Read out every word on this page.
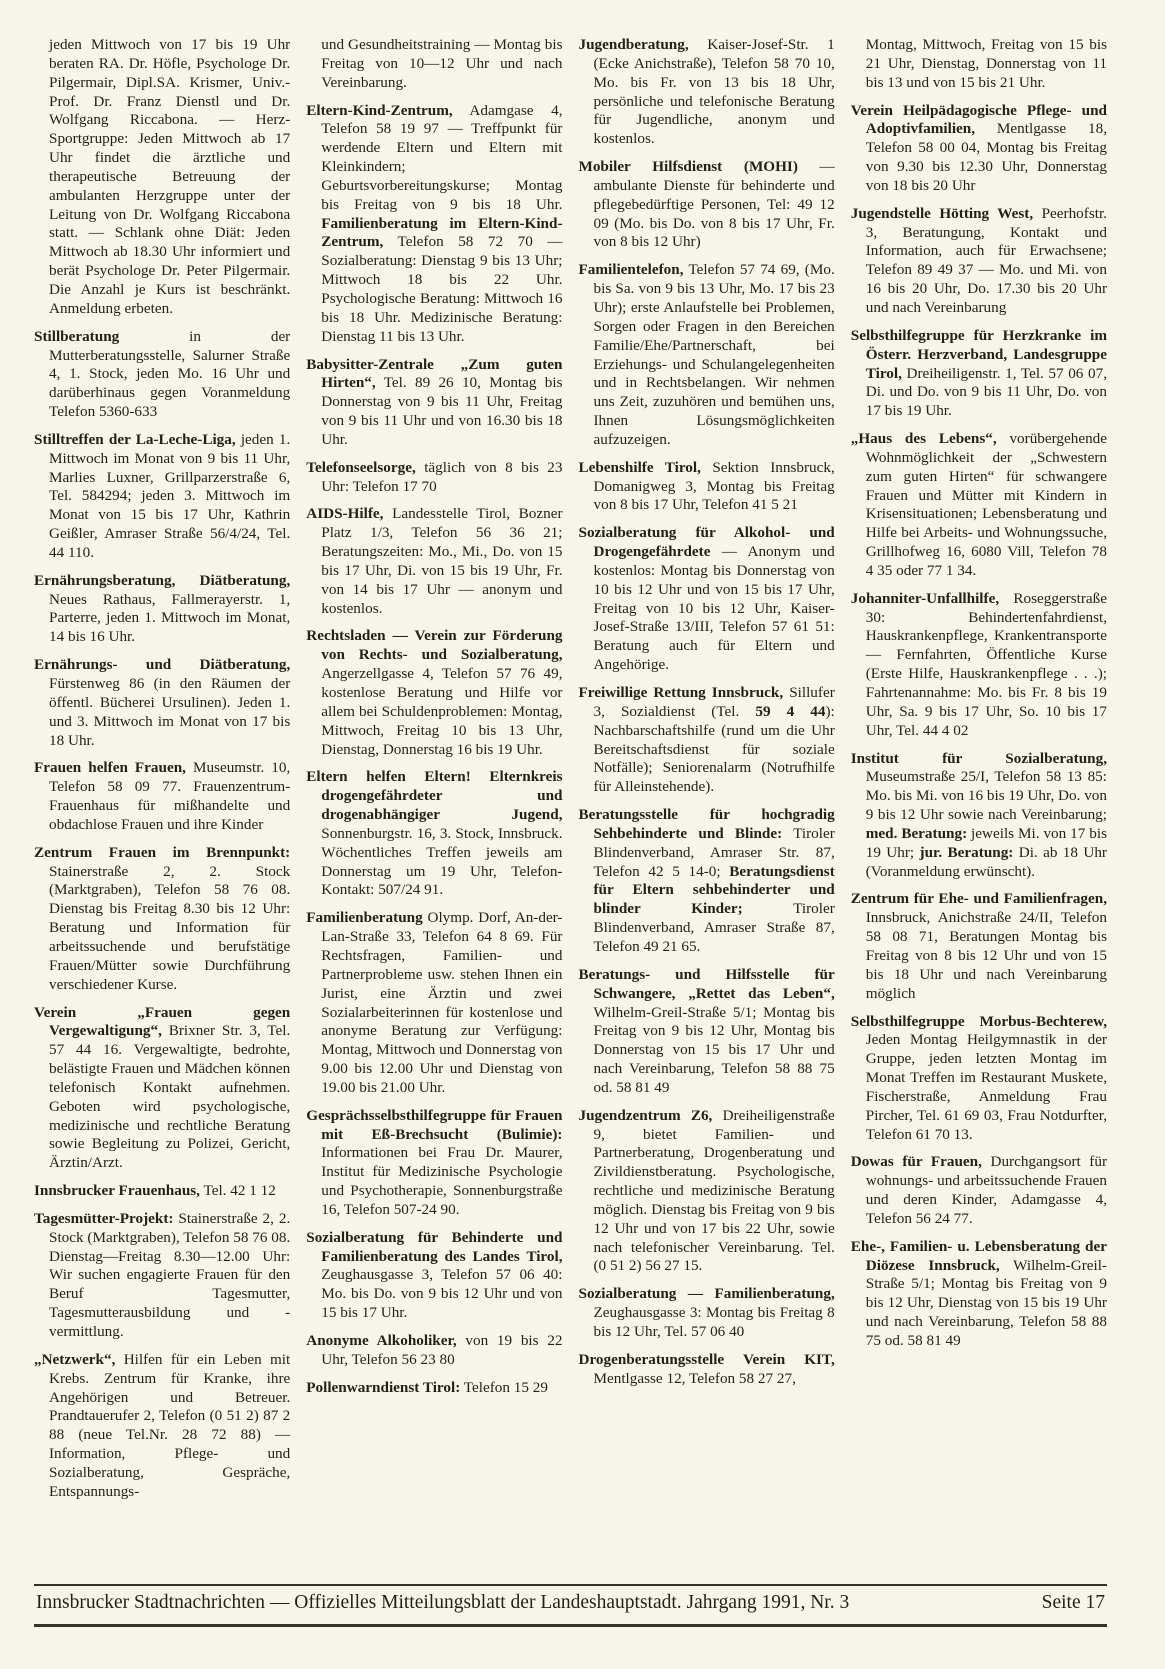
jeden Mittwoch von 17 bis 19 Uhr beraten RA. Dr. Höfle, Psychologe Dr. Pilgermair, Dipl.SA. Krismer, Univ.-Prof. Dr. Franz Dienstl und Dr. Wolfgang Riccabona. — Herz-Sportgruppe: Jeden Mittwoch ab 17 Uhr findet die ärztliche und therapeutische Betreuung der ambulanten Herzgruppe unter der Leitung von Dr. Wolfgang Riccabona statt. — Schlank ohne Diät: Jeden Mittwoch ab 18.30 Uhr informiert und berät Psychologe Dr. Peter Pilgermair. Die Anzahl je Kurs ist beschränkt. Anmeldung erbeten.

Stillberatung in der Mutterberatungsstelle, Salurner Straße 4, 1. Stock, jeden Mo. 16 Uhr und darüberhinaus gegen Voranmeldung Telefon 5360-633

Stilltreffen der La-Leche-Liga, jeden 1. Mittwoch im Monat von 9 bis 11 Uhr, Marlies Luxner, Grillparzerstraße 6, Tel. 584294; jeden 3. Mittwoch im Monat von 15 bis 17 Uhr, Kathrin Geißler, Amraser Straße 56/4/24, Tel. 44 110.

Ernährungsberatung, Diätberatung, Neues Rathaus, Fallmerayerstr. 1, Parterre, jeden 1. Mittwoch im Monat, 14 bis 16 Uhr.

Ernährungs- und Diätberatung, Fürstenweg 86 (in den Räumen der öffentl. Bücherei Ursulinen). Jeden 1. und 3. Mittwoch im Monat von 17 bis 18 Uhr.

Frauen helfen Frauen, Museumstr. 10, Telefon 58 09 77. Frauenzentrum-Frauenhaus für mißhandelte und obdachlose Frauen und ihre Kinder

Zentrum Frauen im Brennpunkt: Stainerstraße 2, 2. Stock (Marktgraben), Telefon 58 76 08. Dienstag bis Freitag 8.30 bis 12 Uhr: Beratung und Information für arbeitssuchende und berufstätige Frauen/Mütter sowie Durchführung verschiedener Kurse.

Verein „Frauen gegen Vergewaltigung“, Brixner Str. 3, Tel. 57 44 16. Vergewaltigte, bedrohte, belästigte Frauen und Mädchen können telefonisch Kontakt aufnehmen. Geboten wird psychologische, medizinische und rechtliche Beratung sowie Begleitung zu Polizei, Gericht, Ärztin/Arzt.

Innsbrucker Frauenhaus, Tel. 42 1 12

Tagesmütter-Projekt: Stainerstraße 2, 2. Stock (Marktgraben), Telefon 58 76 08. Dienstag—Freitag 8.30—12.00 Uhr: Wir suchen engagierte Frauen für den Beruf Tagesmutter, Tagesmutterausbildung und -vermittlung.

„Netzwerk“, Hilfen für ein Leben mit Krebs. Zentrum für Kranke, ihre Angehörigen und Betreuer. Prandtauerufer 2, Telefon (0 51 2) 87 2 88 (neue Tel.Nr. 28 72 88) — Information, Pflege- und Sozialberatung, Gespräche, Entspannungs-

und Gesundheitstraining — Montag bis Freitag von 10—12 Uhr und nach Vereinbarung.

Eltern-Kind-Zentrum, Adamgase 4, Telefon 58 19 97 — Treffpunkt für werdende Eltern und Eltern mit Kleinkindern; Geburtsvorbereitungskurse; Montag bis Freitag von 9 bis 18 Uhr. Familienberatung im Eltern-Kind-Zentrum, Telefon 58 72 70 — Sozialberatung: Dienstag 9 bis 13 Uhr; Mittwoch 18 bis 22 Uhr. Psychologische Beratung: Mittwoch 16 bis 18 Uhr. Medizinische Beratung: Dienstag 11 bis 13 Uhr.

Babysitter-Zentrale „Zum guten Hirten“, Tel. 89 26 10, Montag bis Donnerstag von 9 bis 11 Uhr, Freitag von 9 bis 11 Uhr und von 16.30 bis 18 Uhr.

Telefonseelsorge, täglich von 8 bis 23 Uhr: Telefon 17 70

AIDS-Hilfe, Landesstelle Tirol, Bozner Platz 1/3, Telefon 56 36 21; Beratungszeiten: Mo., Mi., Do. von 15 bis 17 Uhr, Di. von 15 bis 19 Uhr, Fr. von 14 bis 17 Uhr — anonym und kostenlos.

Rechtsladen — Verein zur Förderung von Rechts- und Sozialberatung, Angerzellgasse 4, Telefon 57 76 49, kostenlose Beratung und Hilfe vor allem bei Schuldenproblemen: Montag, Mittwoch, Freitag 10 bis 13 Uhr, Dienstag, Donnerstag 16 bis 19 Uhr.

Eltern helfen Eltern! Elternkreis drogengefährdeter und drogenabhängiger Jugend, Sonnenburgstr. 16, 3. Stock, Innsbruck. Wöchentliches Treffen jeweils am Donnerstag um 19 Uhr, Telefon-Kontakt: 507/24 91.

Familienberatung Olymp. Dorf, An-der-Lan-Straße 33, Telefon 64 8 69. Für Rechtsfragen, Familien- und Partnerprobleme usw. stehen Ihnen ein Jurist, eine Ärztin und zwei Sozialarbeiterinnen für kostenlose und anonyme Beratung zur Verfügung: Montag, Mittwoch und Donnerstag von 9.00 bis 12.00 Uhr und Dienstag von 19.00 bis 21.00 Uhr.

Gesprächsselbsthilfegruppe für Frauen mit Eß-Brechsucht (Bulimie): Informationen bei Frau Dr. Maurer, Institut für Medizinische Psychologie und Psychotherapie, Sonnenburgstraße 16, Telefon 507-24 90.

Sozialberatung für Behinderte und Familienberatung des Landes Tirol, Zeughausgasse 3, Telefon 57 06 40: Mo. bis Do. von 9 bis 12 Uhr und von 15 bis 17 Uhr.

Anonyme Alkoholiker, von 19 bis 22 Uhr, Telefon 56 23 80

Pollenwarndienst Tirol: Telefon 15 29

Jugendberatung, Kaiser-Josef-Str. 1 (Ecke Anichstraße), Telefon 58 70 10, Mo. bis Fr. von 13 bis 18 Uhr, persönliche und telefonische Beratung für Jugendliche, anonym und kostenlos.

Mobiler Hilfsdienst (MOHI) — ambulante Dienste für behinderte und pflegebedürftige Personen, Tel: 49 12 09 (Mo. bis Do. von 8 bis 17 Uhr, Fr. von 8 bis 12 Uhr)

Familientelefon, Telefon 57 74 69, (Mo. bis Sa. von 9 bis 13 Uhr, Mo. 17 bis 23 Uhr); erste Anlaufstelle bei Problemen, Sorgen oder Fragen in den Bereichen Familie/Ehe/Partnerschaft, bei Erziehungs- und Schulangelegenheiten und in Rechtsbelangen. Wir nehmen uns Zeit, zuzuhören und bemühen uns, Ihnen Lösungsmöglichkeiten aufzuzeigen.

Lebenshilfe Tirol, Sektion Innsbruck, Domanigweg 3, Montag bis Freitag von 8 bis 17 Uhr, Telefon 41 5 21

Sozialberatung für Alkohol- und Drogengefährdete — Anonym und kostenlos: Montag bis Donnerstag von 10 bis 12 Uhr und von 15 bis 17 Uhr, Freitag von 10 bis 12 Uhr, Kaiser-Josef-Straße 13/III, Telefon 57 61 51: Beratung auch für Eltern und Angehörige.

Freiwillige Rettung Innsbruck, Sillufer 3, Sozialdienst (Tel. 59 4 44): Nachbarschaftshilfe (rund um die Uhr Bereitschaftsdienst für soziale Notfälle); Seniorenalarm (Notrufhilfe für Alleinstehende).

Beratungsstelle für hochgradig Sehbehinderte und Blinde: Tiroler Blindenverband, Amraser Str. 87, Telefon 42 5 14-0; Beratungsdienst für Eltern sehbehinderter und blinder Kinder; Tiroler Blindenverband, Amraser Straße 87, Telefon 49 21 65.

Beratungs- und Hilfsstelle für Schwangere, „Rettet das Leben“, Wilhelm-Greil-Straße 5/1; Montag bis Freitag von 9 bis 12 Uhr, Montag bis Donnerstag von 15 bis 17 Uhr und nach Vereinbarung, Telefon 58 88 75 od. 58 81 49

Jugendzentrum Z6, Dreiheiligenstraße 9, bietet Familien- und Partnerberatung, Drogenberatung und Zivildienstberatung. Psychologische, rechtliche und medizinische Beratung möglich. Dienstag bis Freitag von 9 bis 12 Uhr und von 17 bis 22 Uhr, sowie nach telefonischer Vereinbarung. Tel. (0 51 2) 56 27 15.

Sozialberatung — Familienberatung, Zeughausgasse 3: Montag bis Freitag 8 bis 12 Uhr, Tel. 57 06 40

Drogenberatungsstelle Verein KIT, Mentlgasse 12, Telefon 58 27 27,

Montag, Mittwoch, Freitag von 15 bis 21 Uhr, Dienstag, Donnerstag von 11 bis 13 und von 15 bis 21 Uhr.

Verein Heilpädagogische Pflege- und Adoptivfamilien, Mentlgasse 18, Telefon 58 00 04, Montag bis Freitag von 9.30 bis 12.30 Uhr, Donnerstag von 18 bis 20 Uhr

Jugendstelle Hötting West, Peerhofstr. 3, Beratungung, Kontakt und Information, auch für Erwachsene; Telefon 89 49 37 — Mo. und Mi. von 16 bis 20 Uhr, Do. 17.30 bis 20 Uhr und nach Vereinbarung

Selbsthilfegruppe für Herzkranke im Österr. Herzverband, Landesgruppe Tirol, Dreiheiligenstr. 1, Tel. 57 06 07, Di. und Do. von 9 bis 11 Uhr, Do. von 17 bis 19 Uhr.

„Haus des Lebens“, vorübergehende Wohnmöglichkeit der „Schwestern zum guten Hirten“ für schwangere Frauen und Mütter mit Kindern in Krisensituationen; Lebensberatung und Hilfe bei Arbeits- und Wohnungssuche, Grillhofweg 16, 6080 Vill, Telefon 78 4 35 oder 77 1 34.

Johanniter-Unfallhilfe, Roseggerstraße 30: Behindertenfahrdienst, Hauskrankenpflege, Krankentransporte — Fernfahrten, Öffentliche Kurse (Erste Hilfe, Hauskrankenpflege . . .); Fahrtenannahme: Mo. bis Fr. 8 bis 19 Uhr, Sa. 9 bis 17 Uhr, So. 10 bis 17 Uhr, Tel. 44 4 02

Institut für Sozialberatung, Museumstraße 25/I, Telefon 58 13 85: Mo. bis Mi. von 16 bis 19 Uhr, Do. von 9 bis 12 Uhr sowie nach Vereinbarung; med. Beratung: jeweils Mi. von 17 bis 19 Uhr; jur. Beratung: Di. ab 18 Uhr (Voranmeldung erwünscht).

Zentrum für Ehe- und Familienfragen, Innsbruck, Anichstraße 24/II, Telefon 58 08 71, Beratungen Montag bis Freitag von 8 bis 12 Uhr und von 15 bis 18 Uhr und nach Vereinbarung möglich

Selbsthilfegruppe Morbus-Bechterew, Jeden Montag Heilgymnastik in der Gruppe, jeden letzten Montag im Monat Treffen im Restaurant Muskete, Fischerstraße, Anmeldung Frau Pircher, Tel. 61 69 03, Frau Notdurfter, Telefon 61 70 13.

Dowas für Frauen, Durchgangsort für wohnungs- und arbeitssuchende Frauen und deren Kinder, Adamgasse 4, Telefon 56 24 77.

Ehe-, Familien- u. Lebensberatung der Diözese Innsbruck, Wilhelm-Greil-Straße 5/1; Montag bis Freitag von 9 bis 12 Uhr, Dienstag von 15 bis 19 Uhr und nach Vereinbarung, Telefon 58 88 75 od. 58 81 49

Innsbrucker Stadtnachrichten — Offizielles Mitteilungsblatt der Landeshauptstadt. Jahrgang 1991, Nr. 3	Seite 17
